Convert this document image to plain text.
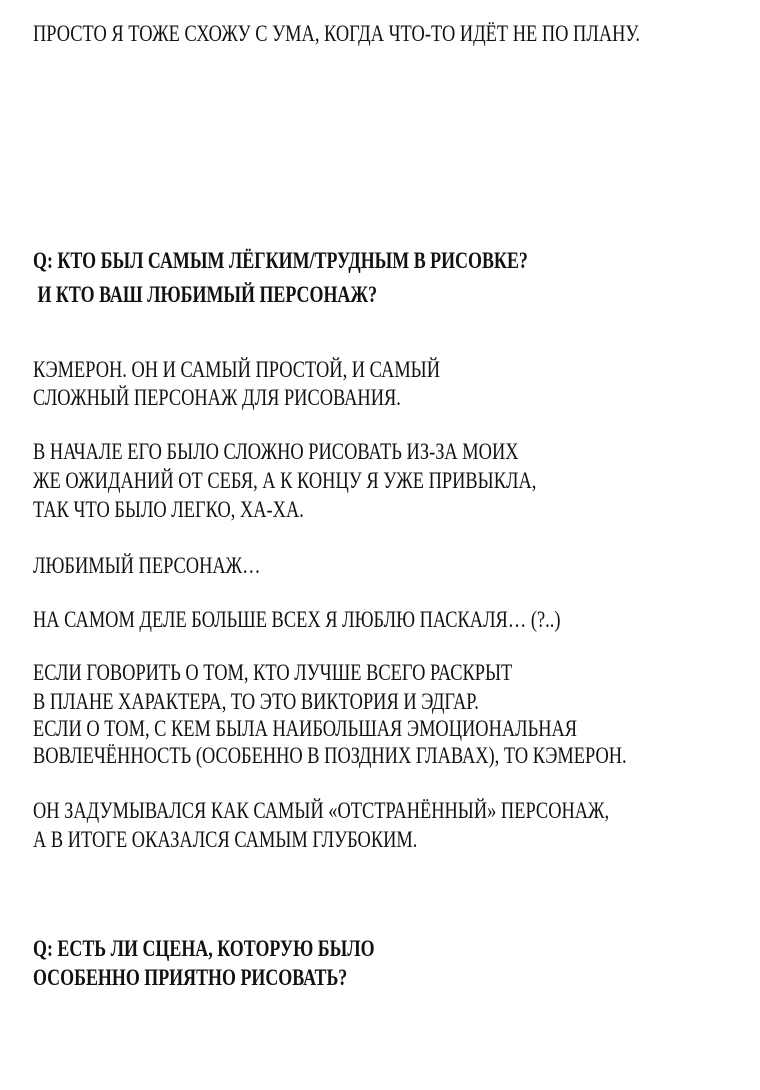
ПРОСТО Я ТОЖЕ СХОЖУ С УМА, КОГДА ЧТО-ТО ИДЁТ НЕ ПО ПЛАНУ.
Q: КТО БЫЛ САМЫМ ЛЁГКИМ/ТРУДНЫМ В РИСОВКЕ?
И КТО ВАШ ЛЮБИМЫЙ ПЕРСОНАЖ?
КЭМЕРОН. ОН И САМЫЙ ПРОСТОЙ, И САМЫЙ
СЛОЖНЫЙ ПЕРСОНАЖ ДЛЯ РИСОВАНИЯ.
В НАЧАЛЕ ЕГО БЫЛО СЛОЖНО РИСОВАТЬ ИЗ-ЗА МОИХ
ЖЕ ОЖИДАНИЙ ОТ СЕБЯ, А К КОНЦУ Я УЖЕ ПРИВЫКЛА,
ТАК ЧТО БЫЛО ЛЕГКО, ХА-ХА.
ЛЮБИМЫЙ ПЕРСОНАЖ…
НА САМОМ ДЕЛЕ БОЛЬШЕ ВСЕХ Я ЛЮБЛЮ ПАСКАЛЯ… (?..)
ЕСЛИ ГОВОРИТЬ О ТОМ, КТО ЛУЧШЕ ВСЕГО РАСКРЫТ
В ПЛАНЕ ХАРАКТЕРА, ТО ЭТО ВИКТОРИЯ И ЭДГАР.
ЕСЛИ О ТОМ, С КЕМ БЫЛА НАИБОЛЬШАЯ ЭМОЦИОНАЛЬНАЯ
ВОВЛЕЧЁННОСТЬ (ОСОБЕННО В ПОЗДНИХ ГЛАВАХ), ТО КЭМЕРОН.
ОН ЗАДУМЫВАЛСЯ КАК САМЫЙ «ОТСТРАНЁННЫЙ» ПЕРСОНАЖ,
А В ИТОГЕ ОКАЗАЛСЯ САМЫМ ГЛУБОКИМ.
Q: ЕСТЬ ЛИ СЦЕНА, КОТОРУЮ БЫЛО
ОСОБЕННО ПРИЯТНО РИСОВАТЬ?
